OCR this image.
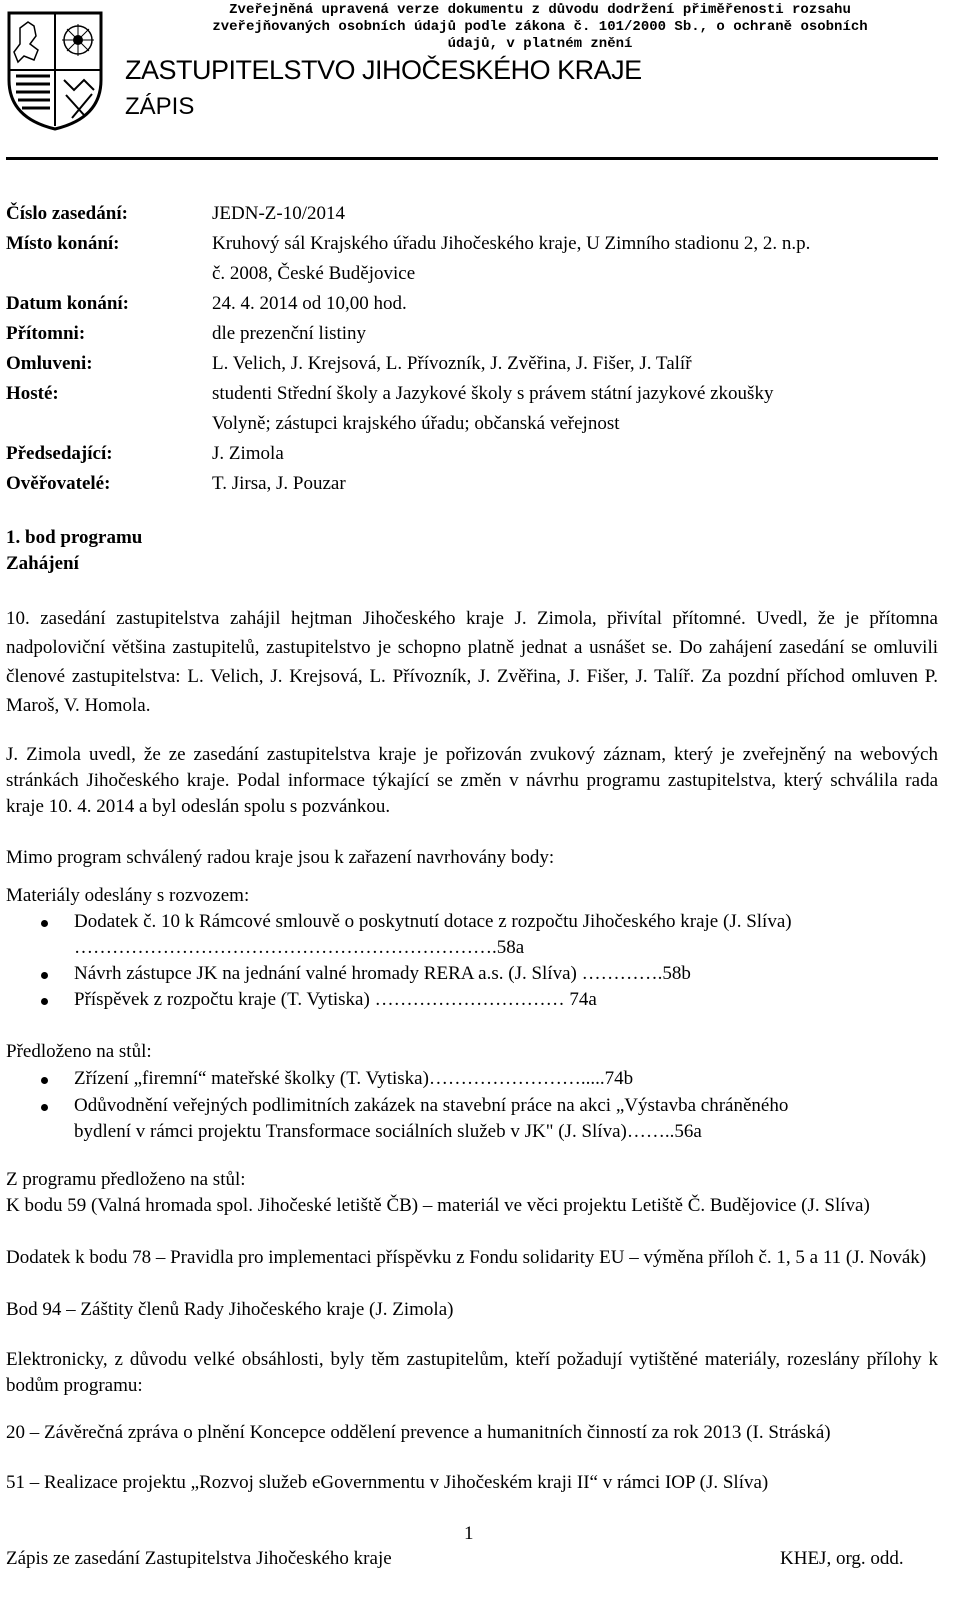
Zveřejněná upravená verze dokumentu z důvodu dodržení přiměřenosti rozsahu
zveřejňovaných osobních údajů podle zákona č. 101/2000 Sb., o ochraně osobních
údajů, v platném znění
ZASTUPITELSTVO JIHOČESKÉHO KRAJE
ZÁPIS
Číslo zasedání:	JEDN-Z-10/2014
Místo konání:	Kruhový sál Krajského úřadu Jihočeského kraje, U Zimního stadionu 2, 2. n.p.
č. 2008, České Budějovice
Datum konání:	24. 4. 2014 od 10,00 hod.
Přítomni:	dle prezenční listiny
Omluveni:	L. Velich, J. Krejsová, L. Přívozník, J. Zvěřina, J. Fišer, J. Talíř
Hosté:	studenti Střední školy a Jazykové školy s právem státní jazykové zkoušky
Volyně; zástupci krajského úřadu; občanská veřejnost
Předsedající:	J. Zimola
Ověřovatelé:	T. Jirsa, J. Pouzar
1. bod programu
Zahájení
10. zasedání zastupitelstva zahájil hejtman Jihočeského kraje J. Zimola, přivítal přítomné. Uvedl, že je přítomna nadpoloviční většina zastupitelů, zastupitelstvo je schopno platně jednat a usnášet se. Do zahájení zasedání se omluvili členové zastupitelstva: L. Velich, J. Krejsová, L. Přívozník, J. Zvěřina, J. Fišer, J. Talíř. Za pozdní příchod omluven P. Maroš, V. Homola.
J. Zimola uvedl, že ze zasedání zastupitelstva kraje je pořizován zvukový záznam, který je zveřejněný na webových stránkách Jihočeského kraje. Podal informace týkající se změn v návrhu programu zastupitelstva, který schválila rada kraje 10. 4. 2014 a byl odeslán spolu s pozvánkou.
Mimo program schválený radou kraje jsou k zařazení navrhovány body:
Materiály odeslány s rozvozem:
Dodatek č. 10 k Rámcové smlouvě o poskytnutí dotace z rozpočtu Jihočeského kraje (J. Slíva)
………………………………………………………….58a
Návrh zástupce JK na jednání valné hromady RERA a.s. (J. Slíva) ………….58b
Příspěvek z rozpočtu kraje (T. Vytiska) ………………………… 74a
Předloženo na stůl:
Zřízení „firemní“ mateřské školky (T. Vytiska)…………………….....74b
Odůvodnění veřejných podlimitních zakázek na stavební práce na akci „Výstavba chráněného
bydlení v rámci projektu Transformace sociálních služeb v JK" (J. Slíva)……..56a
Z programu předloženo na stůl:
K bodu 59 (Valná hromada spol. Jihočeské letiště ČB) – materiál ve věci projektu Letiště Č. Budějovice (J. Slíva)
Dodatek k bodu 78 – Pravidla pro implementaci příspěvku z Fondu solidarity EU – výměna příloh č. 1, 5 a 11 (J. Novák)
Bod 94 – Záštity členů Rady Jihočeského kraje (J. Zimola)
Elektronicky, z důvodu velké obsáhlosti, byly těm zastupitelům, kteří požadují vytištěné materiály, rozeslány přílohy k bodům programu:
20 – Závěrečná zpráva o plnění Koncepce oddělení prevence a humanitních činností za rok 2013 (I. Stráská)
51 – Realizace projektu „Rozvoj služeb eGovernmentu v Jihočeském kraji II“ v rámci IOP (J. Slíva)
1
Zápis ze zasedání Zastupitelstva Jihočeského kraje	KHEJ, org. odd.
